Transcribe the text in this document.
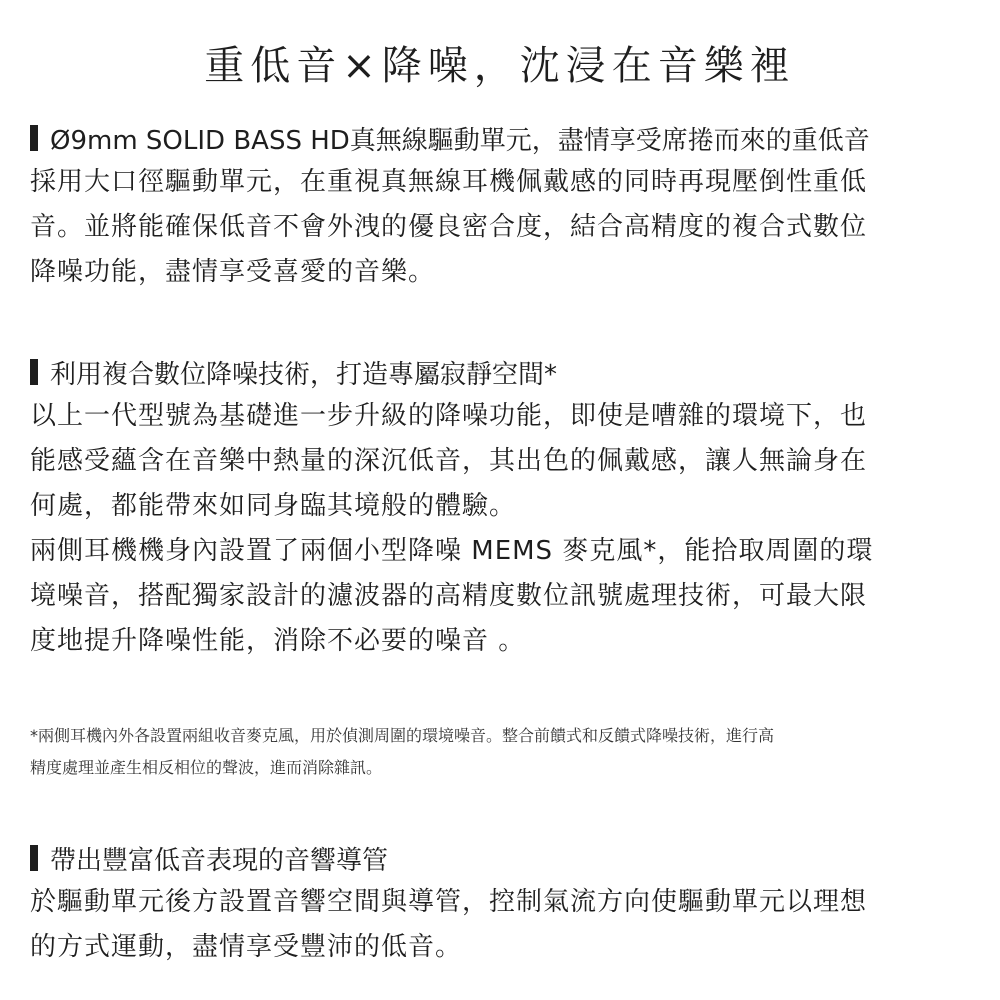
重低音×降噪，沈浸在音樂裡
Ø9mm SOLID BASS HD真無線驅動單元，盡情享受席捲而來的重低音
採用大口徑驅動單元，在重視真無線耳機佩戴感的同時再現壓倒性重低
音。並將能確保低音不會外洩的優良密合度，結合高精度的複合式數位
降噪功能，盡情享受喜愛的音樂。
利用複合數位降噪技術，打造專屬寂靜空間*
以上一代型號為基礎進一步升級的降噪功能，即使是嘈雜的環境下，也
能感受蘊含在音樂中熱量的深沉低音，其出色的佩戴感，讓人無論身在
何處，都能帶來如同身臨其境般的體驗。
兩側耳機機身內設置了兩個小型降噪 MEMS 麥克風*，能拾取周圍的環
境噪音，搭配獨家設計的濾波器的高精度數位訊號處理技術，可最大限
度地提升降噪性能，消除不必要的噪音 。
*兩側耳機內外各設置兩組收音麥克風，用於偵測周圍的環境噪音。整合前饋式和反饋式降噪技術，進行高
精度處理並產生相反相位的聲波，進而消除雜訊。
帶出豐富低音表現的音響導管
於驅動單元後方設置音響空間與導管，控制氣流方向使驅動單元以理想
的方式運動，盡情享受豐沛的低音。
